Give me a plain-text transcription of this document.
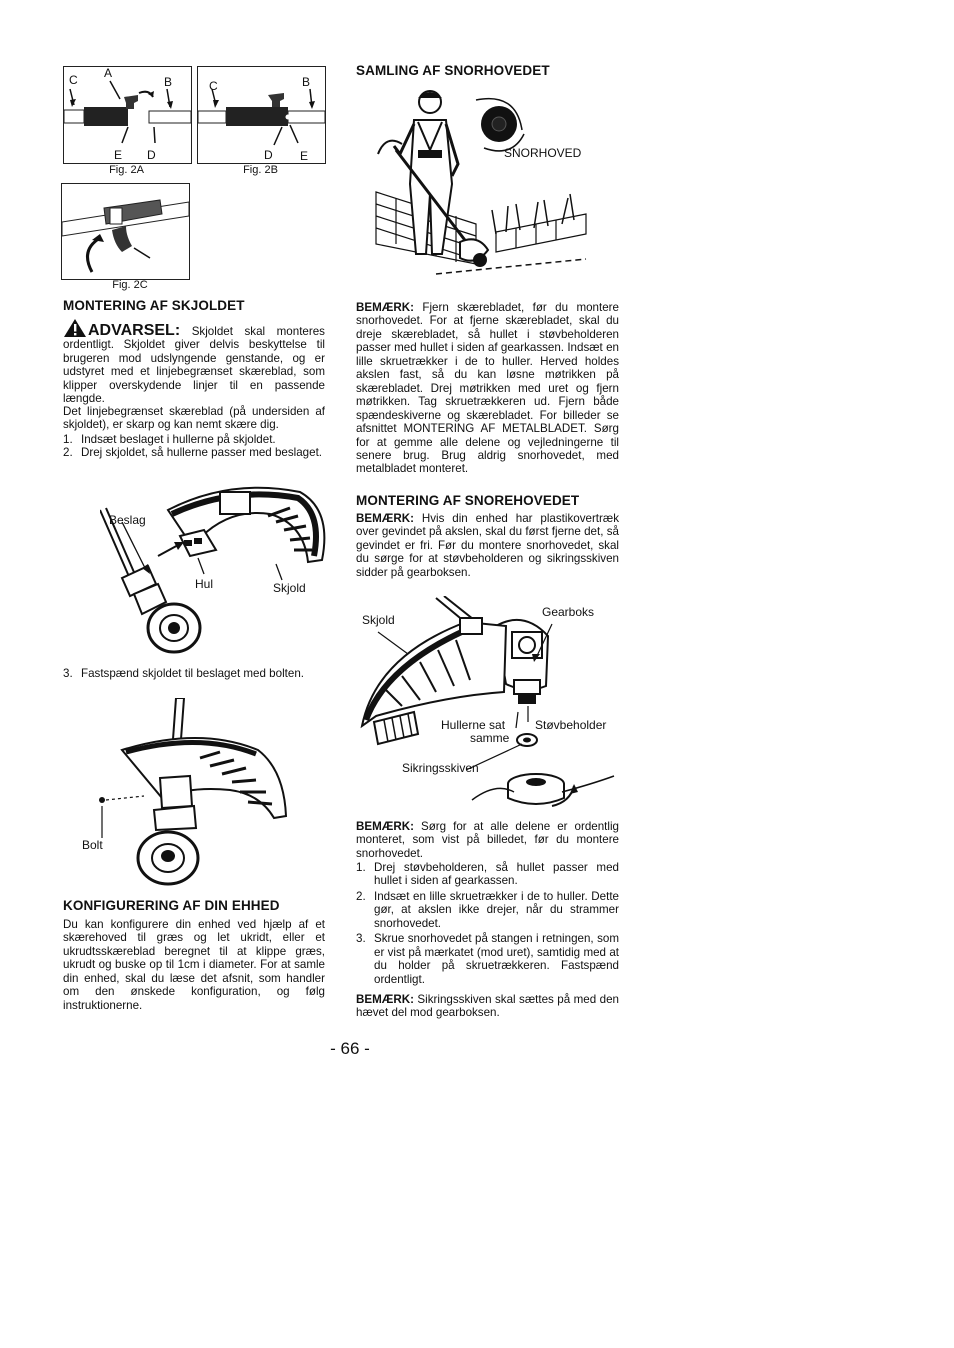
C A
B
E D
Fig. 2A
C	B
D E
Fig. 2B
Fig. 2C
MONTERING AF SKJOLDET
ADVARSEL: Skjoldet skal monteres ordentligt. Skjoldet giver delvis beskyttelse til brugeren mod udslyngende genstande, og er udstyret med et linjebegrænset skæreblad, som klipper overskydende linjer til en passende længde.

Det linjebegrænset skæreblad (på undersiden af skjoldet), er skarp og kan nemt skære dig.

1. Indsæt beslaget i hullerne på skjoldet.
2. Drej skjoldet, så hullerne passer med beslaget.
Beslag
Hul	Skjold
3. Fastspænd skjoldet til beslaget med bolten.
Bolt
KONFIGURERING AF DIN EHHED

Du kan konfigurere din enhed ved hjælp af et skærehoved til græs og let ukridt, eller et ukrudtsskæreblad beregnet til at klippe græs, ukrudt og buske op til 1cm i diameter. For at samle din enhed, skal du læse det afsnit, som handler om den ønskede konfiguration, og følg instruktionerne.

SAMLING AF SNORHOVEDET
SNORHOVED
BEMÆRK: Fjern skærebladet, før du montere snorhovedet. For at fjerne skærebladet, skal du dreje skærebladet, så hullet i støvbeholderen passer med hullet i siden af gearkassen. Indsæt en lille skruetrækker i de to huller. Herved holdes akslen fast, så du kan løsne møtrikken på skærebladet. Drej møtrikken med uret og fjern møtrikken. Tag skruetrækkeren ud. Fjern både spændeskiverne og skærebladet. For billeder se afsnittet MONTERING AF METALBLADET. Sørg for at gemme alle delene og vejledningerne til senere brug. Brug aldrig snorhovedet, med metalbladet monteret.
MONTERING AF SNOREHOVEDET
BEMÆRK: Hvis din enhed har plastikovertræk over gevindet på akslen, skal du først fjerne det, så gevindet er fri. Før du montere snorhovedet, skal du sørge for at støvbeholderen og sikringsskiven sidder på gearboksen.
Skjold
Gearboks
Hullerne sat
samme
Støvbeholder
Sikringsskiven
BEMÆRK: Sørg for at alle delene er ordentlig monteret, som vist på billedet, før du montere snorhovedet.
1. Drej støvbeholderen, så hullet passer med hullet i siden af gearkassen.
2. Indsæt en lille skruetrækker i de to huller. Dette gør, at akslen ikke drejer, når du strammer snorhovedet.
3. Skrue snorhovedet på stangen i retningen, som er vist på mærkatet (mod uret), samtidig med at du holder på skruetrækkeren. Fastspænd ordentligt.
BEMÆRK: Sikringsskiven skal sættes på med den hævet del mod gearboksen.
- 66 -
